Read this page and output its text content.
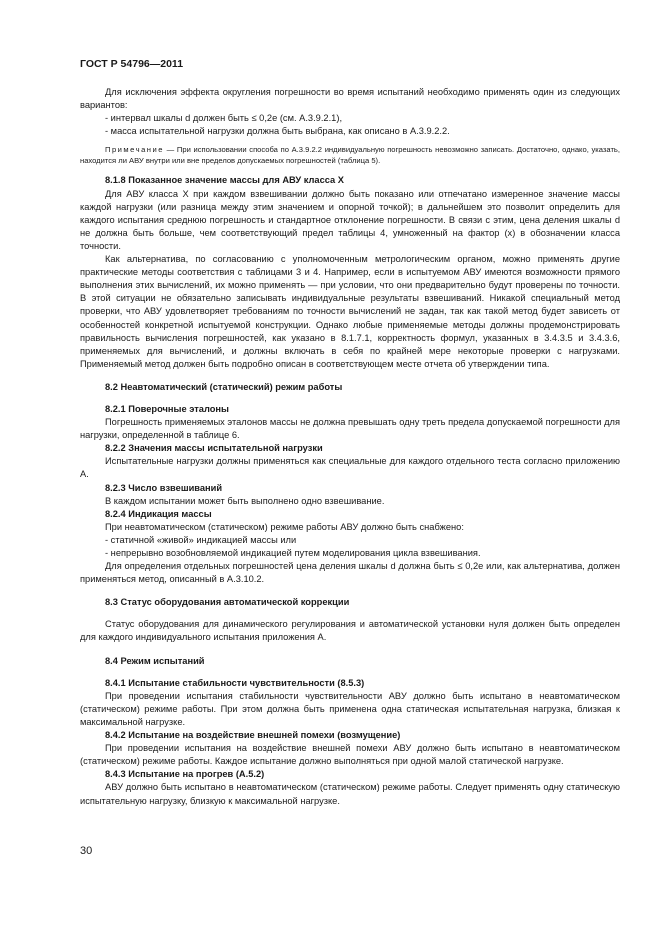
ГОСТ Р 54796—2011

Для исключения эффекта округления погрешности во время испытаний необходимо применять один из следующих вариантов:

- интервал шкалы d должен быть ≤ 0,2e (см. А.3.9.2.1),

- масса испытательной нагрузки должна быть выбрана, как описано в А.3.9.2.2.

Примечание — При использовании способа по А.3.9.2.2 индивидуальную погрешность невозможно записать. Достаточно, однако, указать, находится ли АВУ внутри или вне пределов допускаемых погрешностей (таблица 5).

8.1.8 Показанное значение массы для АВУ класса X

Для АВУ класса X при каждом взвешивании должно быть показано или отпечатано измеренное значение массы каждой нагрузки (или разница между этим значением и опорной точкой); в дальнейшем это позволит определить для каждого испытания среднюю погрешность и стандартное отклонение погрешности. В связи с этим, цена деления шкалы d не должна быть больше, чем соответствующий предел таблицы 4, умноженный на фактор (х) в обозначении класса точности.

Как альтернатива, по согласованию с уполномоченным метрологическим органом, можно применять другие практические методы соответствия с таблицами 3 и 4. Например, если в испытуемом АВУ имеются возможности прямого выполнения этих вычислений, их можно применять — при условии, что они предварительно будут проверены по точности. В этой ситуации не обязательно записывать индивидуальные результаты взвешиваний. Никакой специальный метод проверки, что АВУ удовлетворяет требованиям по точности вычислений не задан, так как такой метод будет зависеть от особенностей конкретной испытуемой конструкции. Однако любые применяемые методы должны продемонстрировать правильность вычисления погрешностей, как указано в 8.1.7.1, корректность формул, указанных в 3.4.3.5 и 3.4.3.6, применяемых для вычислений, и должны включать в себя по крайней мере некоторые проверки с нагрузками. Применяемый метод должен быть подробно описан в соответствующем месте отчета об утверждении типа.

8.2 Неавтоматический (статический) режим работы

8.2.1 Поверочные эталоны

Погрешность применяемых эталонов массы не должна превышать одну треть предела допускаемой погрешности для нагрузки, определенной в таблице 6.

8.2.2 Значения массы испытательной нагрузки

Испытательные нагрузки должны применяться как специальные для каждого отдельного теста согласно приложению А.

8.2.3 Число взвешиваний

В каждом испытании может быть выполнено одно взвешивание.

8.2.4 Индикация массы

При неавтоматическом (статическом) режиме работы АВУ должно быть снабжено:

- статичной «живой» индикацией массы или

- непрерывно возобновляемой индикацией путем моделирования цикла взвешивания.

Для определения отдельных погрешностей цена деления шкалы d должна быть ≤ 0,2e или, как альтернатива, должен применяться метод, описанный в А.3.10.2.

8.3 Статус оборудования автоматической коррекции

Статус оборудования для динамического регулирования и автоматической установки нуля должен быть определен для каждого индивидуального испытания приложения А.

8.4 Режим испытаний

8.4.1 Испытание стабильности чувствительности (8.5.3)

При проведении испытания стабильности чувствительности АВУ должно быть испытано в неавтоматическом (статическом) режиме работы. При этом должна быть применена одна статическая испытательная нагрузка, близкая к максимальной нагрузке.

8.4.2 Испытание на воздействие внешней помехи (возмущение)

При проведении испытания на воздействие внешней помехи АВУ должно быть испытано в неавтоматическом (статическом) режиме работы. Каждое испытание должно выполняться при одной малой статической нагрузке.

8.4.3 Испытание на прогрев (А.5.2)

АВУ должно быть испытано в неавтоматическом (статическом) режиме работы. Следует применять одну статическую испытательную нагрузку, близкую к максимальной нагрузке.

30
